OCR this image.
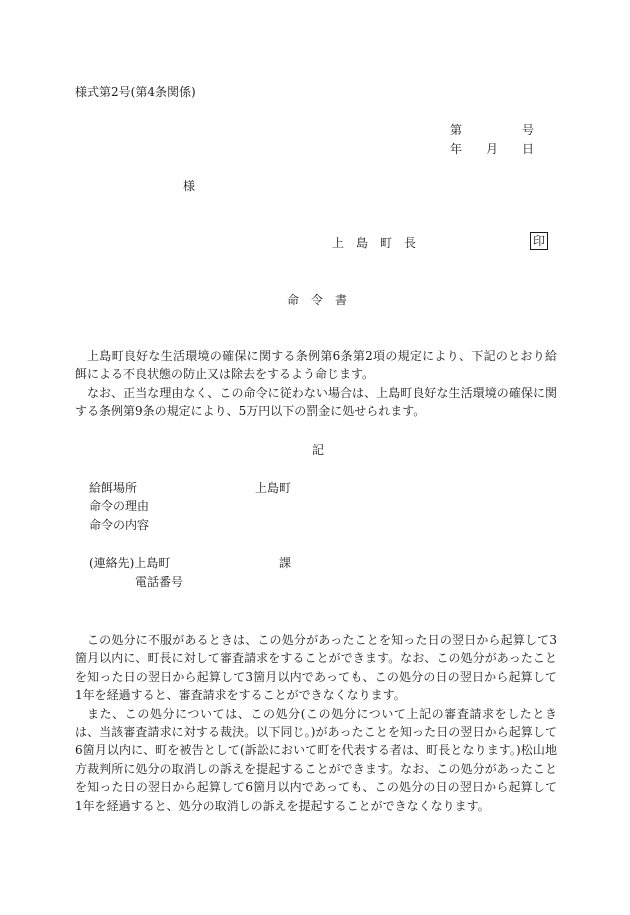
様式第2号(第4条関係)
第	号
年 月 日
様
上　島　町　長	印
命　令　書

上島町良好な生活環境の確保に関する条例第6条第2項の規定により、下記のとおり給餌による不良状態の防止又は除去をするよう命じます。

なお、正当な理由なく、この命令に従わない場合は、上島町良好な生活環境の確保に関する条例第9条の規定により、5万円以下の罰金に処せられます。

記
給餌場所	上島町
命令の理由
命令の内容
(連絡先)上島町	課
電話番号

この処分に不服があるときは、この処分があったことを知った日の翌日から起算して3箇月以内に、町長に対して審査請求をすることができます。なお、この処分があったことを知った日の翌日から起算して3箇月以内であっても、この処分の日の翌日から起算して1年を経過すると、審査請求をすることができなくなります。

また、この処分については、この処分(この処分について上記の審査請求をしたときは、当該審査請求に対する裁決。以下同じ。)があったことを知った日の翌日から起算して6箇月以内に、町を被告として(訴訟において町を代表する者は、町長となります。)松山地方裁判所に処分の取消しの訴えを提起することができます。なお、この処分があったことを知った日の翌日から起算して6箇月以内であっても、この処分の日の翌日から起算して1年を経過すると、処分の取消しの訴えを提起することができなくなります。
